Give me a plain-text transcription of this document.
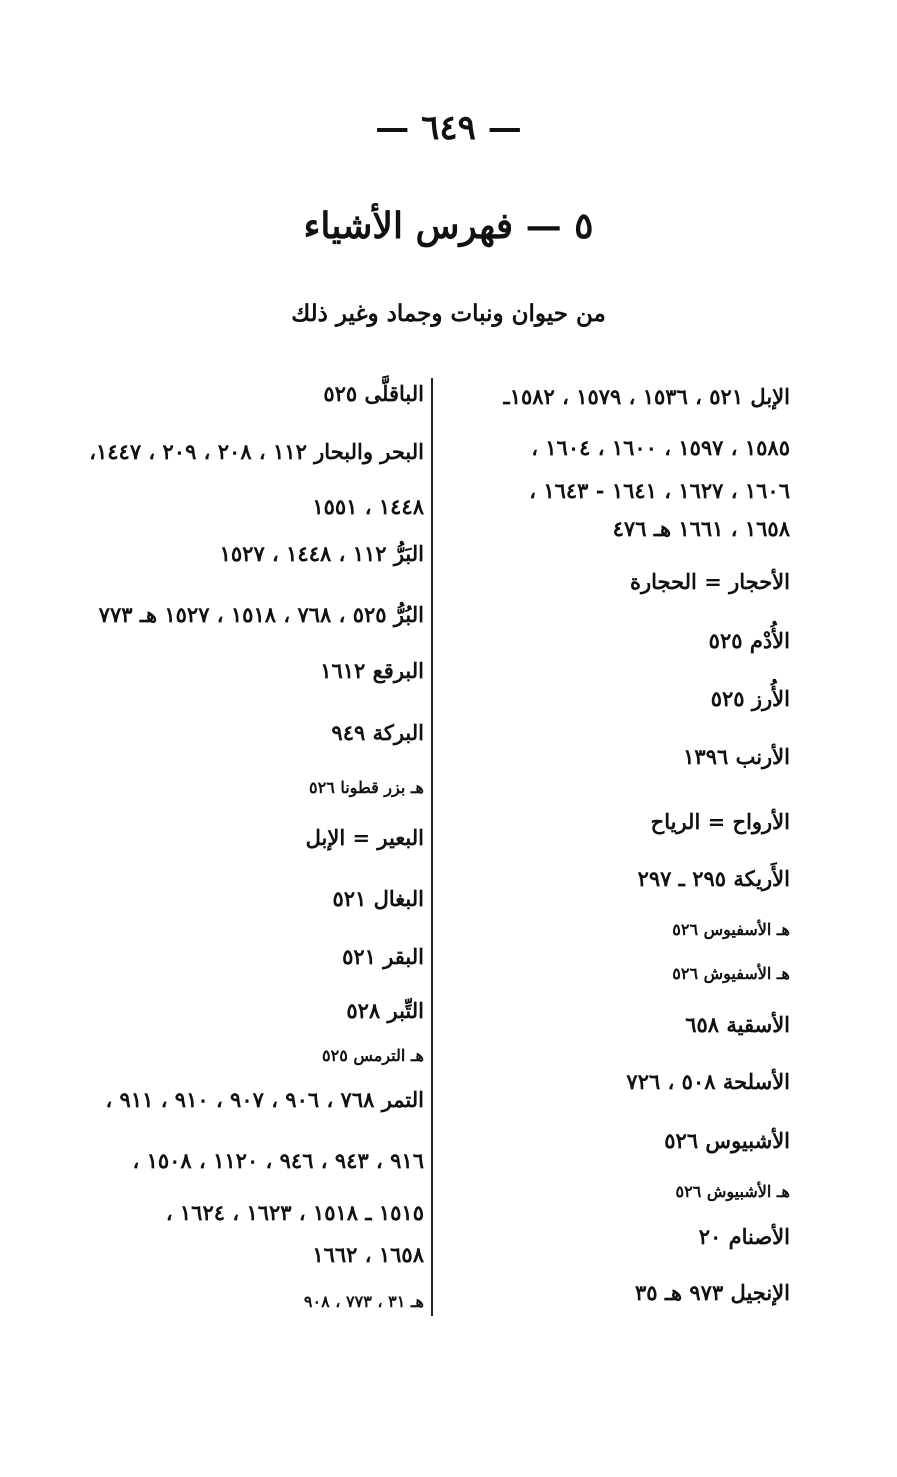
— ٦٤٩ —
٥ — فهرس الأشياء
من حيوان ونبات وجماد وغير ذلك
الإبل ٥٢١ ، ١٥٣٦ ، ١٥٧٩ ، ١٥٨٢ـ
١٥٨٥ ، ١٥٩٧ ، ١٦٠٠ ، ١٦٠٤ ،
١٦٠٦ ، ١٦٢٧ ، ١٦٤١ - ١٦٤٣ ،
١٦٥٨ ، ١٦٦١ هـ ٤٧٦
الأحجار = الحجارة
الأُدْم ٥٢٥
الأُرز ٥٢٥
الأرنب ١٣٩٦
الأرواح = الرياح
الأَريكة ٢٩٥ ـ ٢٩٧
هـ الأسفيوس ٥٢٦
هـ الأسفيوش ٥٢٦
الأسقية ٦٥٨
الأسلحة ٥٠٨ ، ٧٢٦
الأشبيوس ٥٢٦
هـ الأشبيوش ٥٢٦
الأصنام ٢٠
الإنجيل ٩٧٣ هـ ٣٥
الباقلَّى ٥٢٥
البحر والبحار ١١٢ ، ٢٠٨ ، ٢٠٩ ، ١٤٤٧،
١٤٤٨ ، ١٥٥١
البَرُّ ١١٢ ، ١٤٤٨ ، ١٥٢٧
البُرُّ ٥٢٥ ، ٧٦٨ ، ١٥١٨ ، ١٥٢٧ هـ ٧٧٣
البرقع ١٦١٢
البركة ٩٤٩
هـ بزر قطونا ٥٢٦
البعير = الإبل
البغال ٥٢١
البقر ٥٢١
التِّبر ٥٢٨
هـ الترمس ٥٢٥
التمر ٧٦٨ ، ٩٠٦ ، ٩٠٧ ، ٩١٠ ، ٩١١ ،
٩١٦ ، ٩٤٣ ، ٩٤٦ ، ١١٢٠ ، ١٥٠٨ ،
١٥١٥ ـ ١٥١٨ ، ١٦٢٣ ، ١٦٢٤ ،
١٦٥٨ ، ١٦٦٢
هـ ٣١ ، ٧٧٣ ، ٩٠٨
